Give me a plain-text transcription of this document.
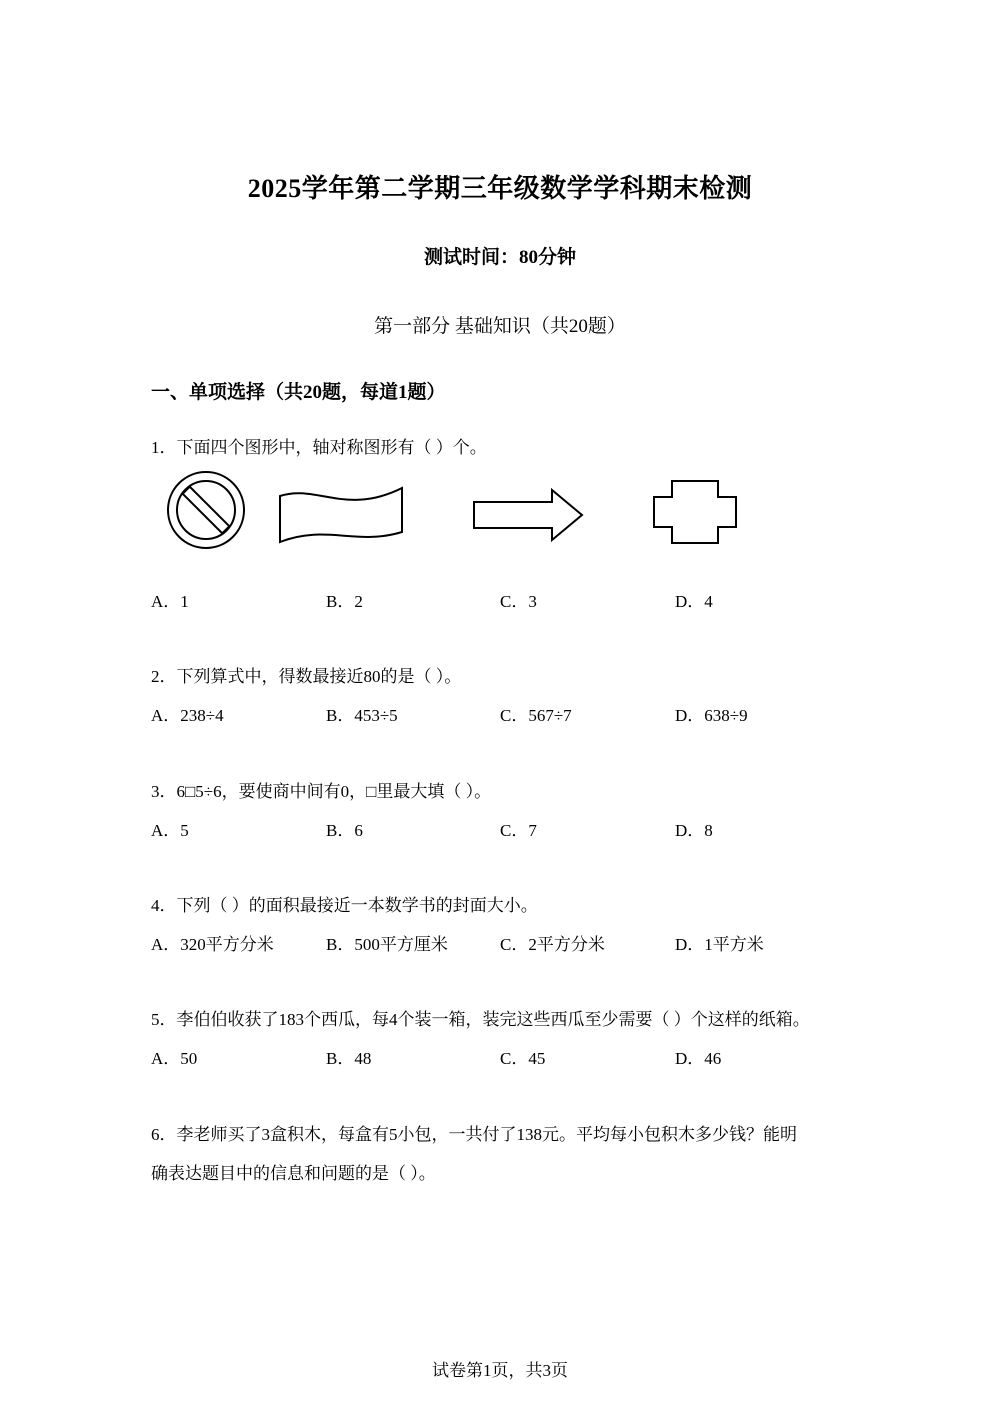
2025学年第二学期三年级数学学科期末检测
测试时间：80分钟
第一部分 基础知识（共20题）
一、单项选择（共20题，每道1题）
1．下面四个图形中，轴对称图形有（ ）个。
A．1	B．2	C．3	D．4
2．下列算式中，得数最接近80的是（ ）。
A．238÷4	B．453÷5	C．567÷7	D．638÷9
3．6□5÷6，要使商中间有0，□里最大填（ ）。
A．5	B．6	C．7	D．8
4．下列（ ）的面积最接近一本数学书的封面大小。
A．320平方分米	B．500平方厘米	C．2平方分米	D．1平方米
5．李伯伯收获了183个西瓜，每4个装一箱，装完这些西瓜至少需要（ ）个这样的纸箱。
A．50	B．48	C．45	D．46
6．李老师买了3盒积木，每盒有5小包，一共付了138元。平均每小包积木多少钱？能明
确表达题目中的信息和问题的是（ ）。
试卷第1页，共3页
